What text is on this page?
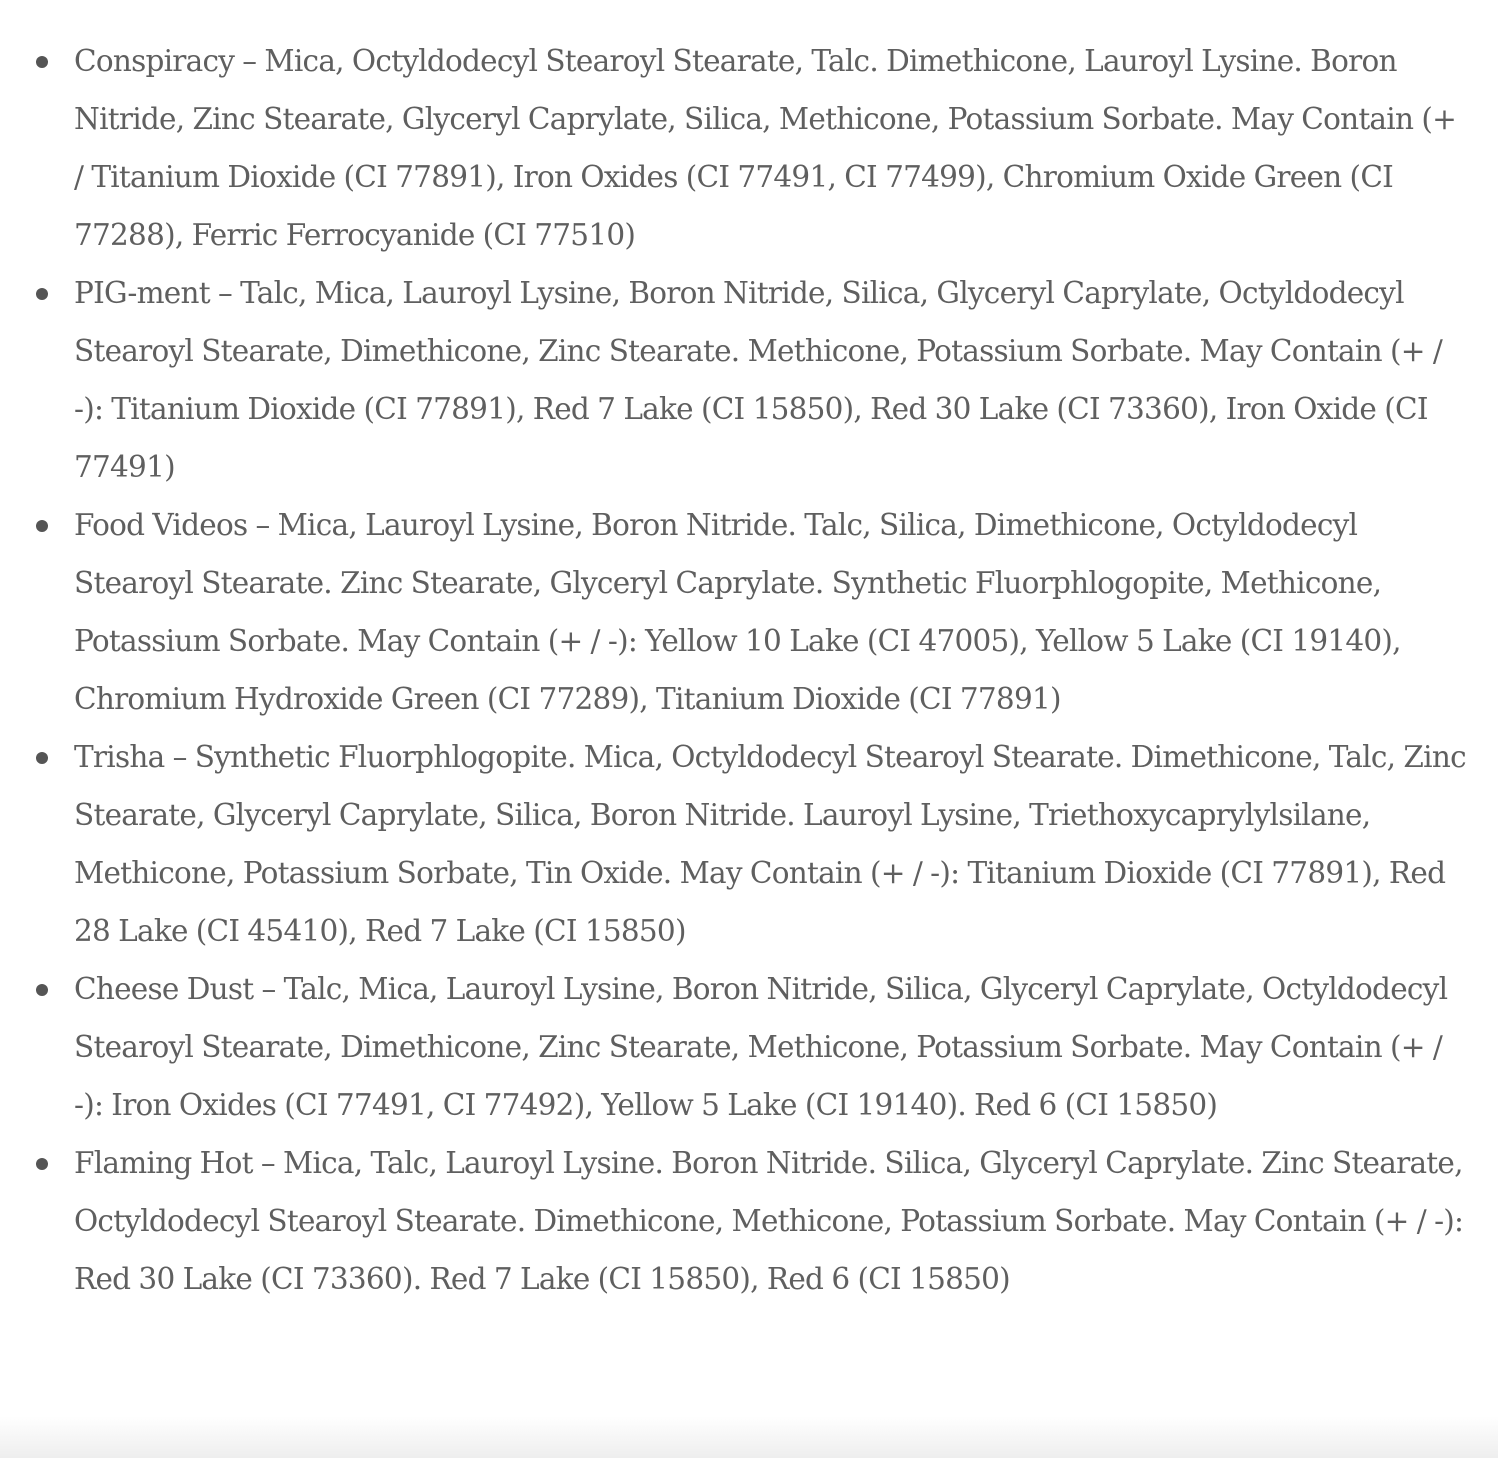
Conspiracy – Mica, Octyldodecyl Stearoyl Stearate, Talc. Dimethicone, Lauroyl Lysine. Boron Nitride, Zinc Stearate, Glyceryl Caprylate, Silica, Methicone, Potassium Sorbate. May Contain (+ / Titanium Dioxide (CI 77891), Iron Oxides (CI 77491, CI 77499), Chromium Oxide Green (CI 77288), Ferric Ferrocyanide (CI 77510)
PIG-ment – Talc, Mica, Lauroyl Lysine, Boron Nitride, Silica, Glyceryl Caprylate, Octyldodecyl Stearoyl Stearate, Dimethicone, Zinc Stearate. Methicone, Potassium Sorbate. May Contain (+ / -): Titanium Dioxide (CI 77891), Red 7 Lake (CI 15850), Red 30 Lake (CI 73360), Iron Oxide (CI 77491)
Food Videos – Mica, Lauroyl Lysine, Boron Nitride. Talc, Silica, Dimethicone, Octyldodecyl Stearoyl Stearate. Zinc Stearate, Glyceryl Caprylate. Synthetic Fluorphlogopite, Methicone, Potassium Sorbate. May Contain (+ / -): Yellow 10 Lake (CI 47005), Yellow 5 Lake (CI 19140), Chromium Hydroxide Green (CI 77289), Titanium Dioxide (CI 77891)
Trisha – Synthetic Fluorphlogopite. Mica, Octyldodecyl Stearoyl Stearate. Dimethicone, Talc, Zinc Stearate, Glyceryl Caprylate, Silica, Boron Nitride. Lauroyl Lysine, Triethoxycaprylylsilane, Methicone, Potassium Sorbate, Tin Oxide. May Contain (+ / -): Titanium Dioxide (CI 77891), Red 28 Lake (CI 45410), Red 7 Lake (CI 15850)
Cheese Dust – Talc, Mica, Lauroyl Lysine, Boron Nitride, Silica, Glyceryl Caprylate, Octyldodecyl Stearoyl Stearate, Dimethicone, Zinc Stearate, Methicone, Potassium Sorbate. May Contain (+ / -): Iron Oxides (CI 77491, CI 77492), Yellow 5 Lake (CI 19140). Red 6 (CI 15850)
Flaming Hot – Mica, Talc, Lauroyl Lysine. Boron Nitride. Silica, Glyceryl Caprylate. Zinc Stearate, Octyldodecyl Stearoyl Stearate. Dimethicone, Methicone, Potassium Sorbate. May Contain (+ / -): Red 30 Lake (CI 73360). Red 7 Lake (CI 15850), Red 6 (CI 15850)
